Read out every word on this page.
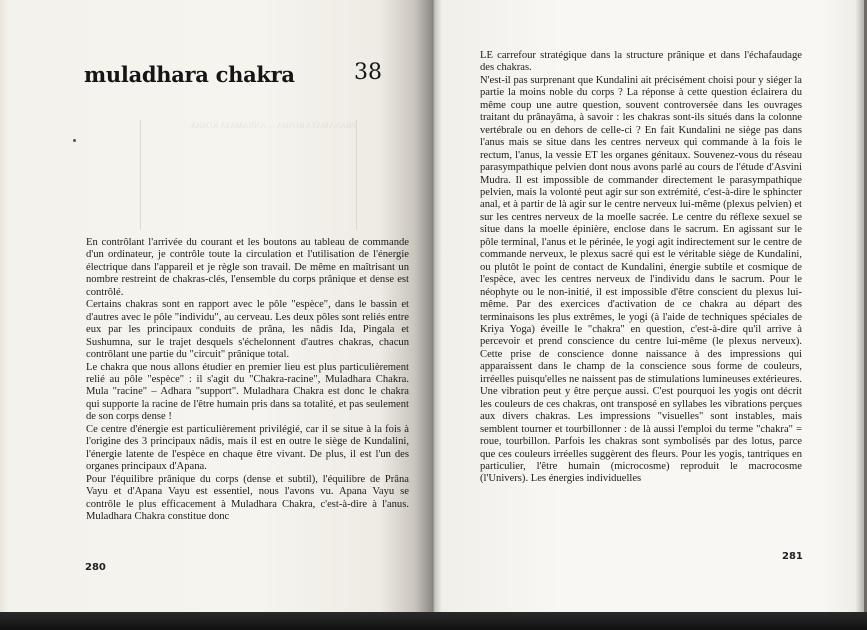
PRANAMAYA KOSHA — ANNAMAYA KOSHA
muladhara chakra	38

En contrôlant l'arrivée du courant et les boutons au tableau de commande d'un ordinateur, je contrôle toute la circulation et l'utilisation de l'énergie électrique dans l'appareil et je règle son travail. De même en maîtrisant un nombre restreint de chakras-clés, l'ensemble du corps prânique et dense est contrôlé.

Certains chakras sont en rapport avec le pôle "espèce", dans le bassin et d'autres avec le pôle "individu", au cerveau. Les deux pôles sont reliés entre eux par les principaux conduits de prâna, les nâdis Ida, Pingala et Sushumna, sur le trajet desquels s'échelonnent d'autres chakras, chacun contrôlant une partie du "circuit" prânique total.

Le chakra que nous allons étudier en premier lieu est plus particulièrement relié au pôle "espèce" : il s'agit du "Chakra-racine", Muladhara Chakra. Mula "racine" – Adhara "support". Muladhara Chakra est donc le chakra qui supporte la racine de l'être humain pris dans sa totalité, et pas seulement de son corps dense !

Ce centre d'énergie est particulièrement privilégié, car il se situe à la fois à l'origine des 3 principaux nâdis, mais il est en outre le siège de Kundalini, l'énergie latente de l'espèce en chaque être vivant. De plus, il est l'un des organes principaux d'Apana.

Pour l'équilibre prânique du corps (dense et subtil), l'équilibre de Prâna Vayu et d'Apana Vayu est essentiel, nous l'avons vu. Apana Vayu se contrôle le plus efficacement à Muladhara Chakra, c'est-à-dire à l'anus. Muladhara Chakra constitue donc

280

LE carrefour stratégique dans la structure prânique et dans l'échafaudage des chakras.

N'est-il pas surprenant que Kundalini ait précisément choisi pour y siéger la partie la moins noble du corps ? La réponse à cette question éclairera du même coup une autre question, souvent controversée dans les ouvrages traitant du prânayâma, à savoir : les chakras sont-ils situés dans la colonne vertébrale ou en dehors de celle-ci ? En fait Kundalini ne siège pas dans l'anus mais se situe dans les centres nerveux qui commande à la fois le rectum, l'anus, la vessie ET les organes génitaux. Souvenez-vous du réseau parasympathique pelvien dont nous avons parlé au cours de l'étude d'Asvini Mudra. Il est impossible de commander directement le parasympathique pelvien, mais la volonté peut agir sur son extrémité, c'est-à-dire le sphincter anal, et à partir de là agir sur le centre nerveux lui-même (plexus pelvien) et sur les centres nerveux de la moelle sacrée. Le centre du réflexe sexuel se situe dans la moelle épinière, enclose dans le sacrum. En agissant sur le pôle terminal, l'anus et le périnée, le yogi agit indirectement sur le centre de commande nerveux, le plexus sacré qui est le véritable siège de Kundalini, ou plutôt le point de contact de Kundalini, énergie subtile et cosmique de l'espèce, avec les centres nerveux de l'individu dans le sacrum. Pour le néophyte ou le non-initié, il est impossible d'être conscient du plexus lui-même. Par des exercices d'activation de ce chakra au départ des terminaisons les plus extrêmes, le yogi (à l'aide de techniques spéciales de Kriya Yoga) éveille le "chakra" en question, c'est-à-dire qu'il arrive à percevoir et prend conscience du centre lui-même (le plexus nerveux). Cette prise de conscience donne naissance à des impressions qui apparaissent dans le champ de la conscience sous forme de couleurs, irréelles puisqu'elles ne naissent pas de stimulations lumineuses extérieures. Une vibration peut y être perçue aussi. C'est pourquoi les yogis ont décrit les couleurs de ces chakras, ont transposé en syllabes les vibrations perçues aux divers chakras. Les impressions "visuelles" sont instables, mais semblent tourner et tourbillonner : de là aussi l'emploi du terme "chakra" = roue, tourbillon. Parfois les chakras sont symbolisés par des lotus, parce que ces couleurs irréelles suggèrent des fleurs. Pour les yogis, tantriques en particulier, l'être humain (microcosme) reproduit le macrocosme (l'Univers). Les énergies individuelles

281
